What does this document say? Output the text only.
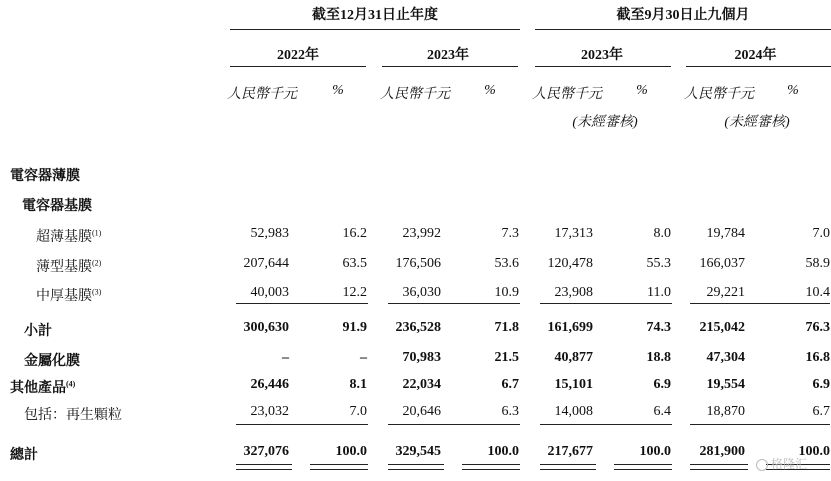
截至12月31日止年度	截至9月30日止九個月
2022年	2023年	2023年	2024年
人民幣千元	%	人民幣千元	%	人民幣千元	%	人民幣千元	%
(未經審核)	(未經審核)
電容器薄膜
電容器基膜
超薄基膜$^{(1)}$	52,983	16.2	23,992	7.3	17,313	8.0	19,784	7.0
薄型基膜$^{(2)}$	207,644	63.5	176,506	53.6	120,478	55.3	166,037	58.9
中厚基膜$^{(3)}$	40,003	12.2	36,030	10.9	23,908	11.0	29,221	10.4
小計	300,630	91.9	236,528	71.8	161,699	74.3	215,042	76.3
金屬化膜	–	–	70,983	21.5	40,877	18.8	47,304	16.8
其他產品$^{(4)}$	26,446	8.1	22,034	6.7	15,101	6.9	19,554	6.9
包括：再生顆粒	23,032	7.0	20,646	6.3	14,008	6.4	18,870	6.7
總計	327,076	100.0	329,545	100.0	217,677	100.0	281,900	100.0
格隆汇
